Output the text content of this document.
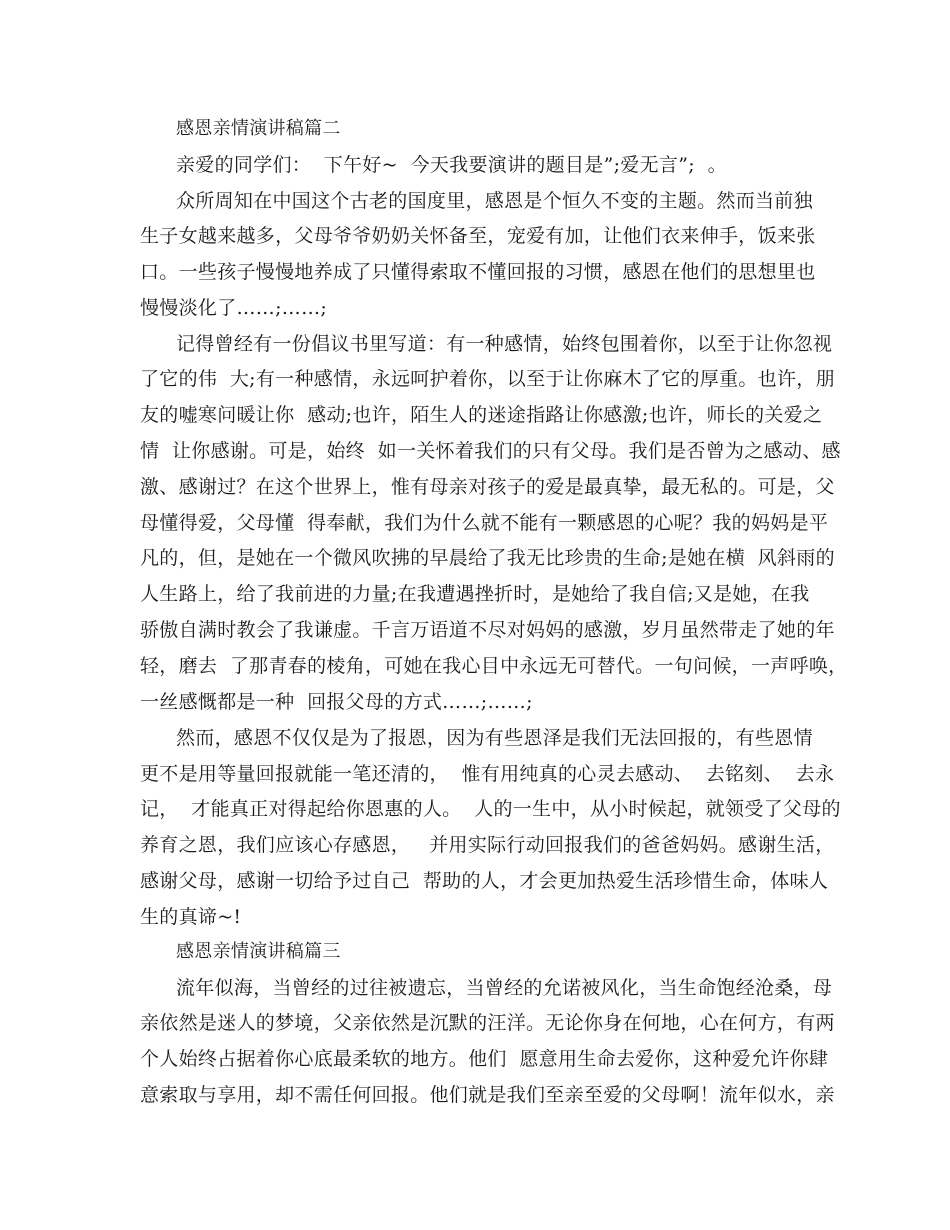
感恩亲情演讲稿篇二
亲爱的同学们：  下午好~  今天我要演讲的题目是”;爱无言”;  。
众所周知在中国这个古老的国度里，感恩是个恒久不变的主题。然而当前独
生子女越来越多，父母爷爷奶奶关怀备至，宠爱有加，让他们衣来伸手，饭来张
口。一些孩子慢慢地养成了只懂得索取不懂回报的习惯，感恩在他们的思想里也
慢慢淡化了……;……;
记得曾经有一份倡议书里写道：有一种感情，始终包围着你，以至于让你忽视
了它的伟  大;有一种感情，永远呵护着你，以至于让你麻木了它的厚重。也许，朋
友的嘘寒问暖让你  感动;也许，陌生人的迷途指路让你感激;也许，师长的关爱之
情  让你感谢。可是，始终  如一关怀着我们的只有父母。我们是否曾为之感动、感
激、感谢过？在这个世界上，惟有母亲对孩子的爱是最真挚，最无私的。可是，父
母懂得爱，父母懂  得奉献，我们为什么就不能有一颗感恩的心呢？我的妈妈是平
凡的，但，是她在一个微风吹拂的早晨给了我无比珍贵的生命;是她在横  风斜雨的
人生路上，给了我前进的力量;在我遭遇挫折时，是她给了我自信;又是她，在我
骄傲自满时教会了我谦虚。千言万语道不尽对妈妈的感激，岁月虽然带走了她的年
轻，磨去  了那青春的棱角，可她在我心目中永远无可替代。一句问候，一声呼唤，
一丝感慨都是一种  回报父母的方式……;……;
然而，感恩不仅仅是为了报恩，因为有些恩泽是我们无法回报的，有些恩情
更不是用等量回报就能一笔还清的，  惟有用纯真的心灵去感动、  去铭刻、  去永
记，  才能真正对得起给你恩惠的人。  人的一生中，从小时候起，就领受了父母的
养育之恩，我们应该心存感恩，   并用实际行动回报我们的爸爸妈妈。感谢生活，
感谢父母，感谢一切给予过自己  帮助的人，才会更加热爱生活珍惜生命，体味人
生的真谛~!
感恩亲情演讲稿篇三
流年似海，当曾经的过往被遗忘，当曾经的允诺被风化，当生命饱经沧桑，母
亲依然是迷人的梦境，父亲依然是沉默的汪洋。无论你身在何地，心在何方，有两
个人始终占据着你心底最柔软的地方。他们  愿意用生命去爱你，这种爱允许你肆
意索取与享用，却不需任何回报。他们就是我们至亲至爱的父母啊！流年似水，亲
